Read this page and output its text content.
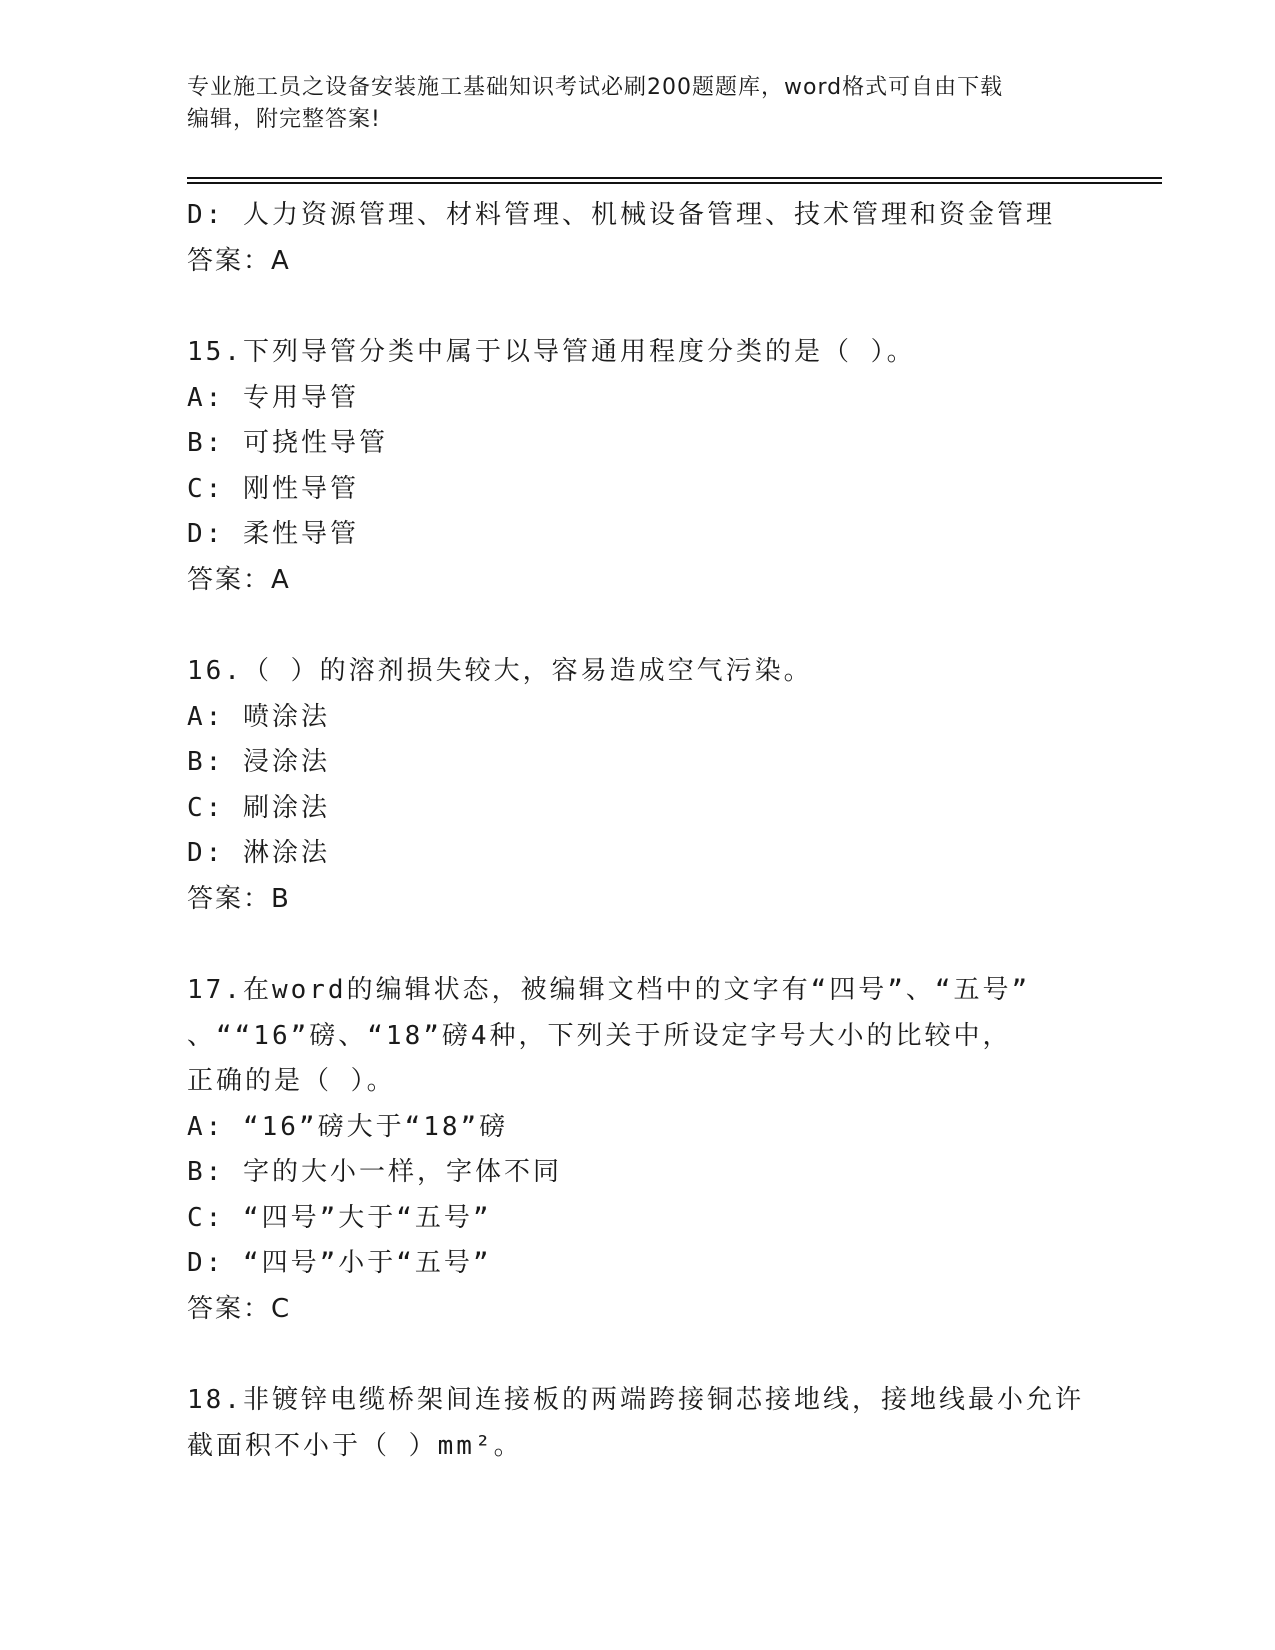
专业施工员之设备安装施工基础知识考试必刷200题题库，word格式可自由下载
编辑，附完整答案!
D: 人力资源管理、材料管理、机械设备管理、技术管理和资金管理
答案：A
15.下列导管分类中属于以导管通用程度分类的是（ ）。
A: 专用导管
B: 可挠性导管
C: 刚性导管
D: 柔性导管
答案：A
16.（ ）的溶剂损失较大，容易造成空气污染。
A: 喷涂法
B: 浸涂法
C: 刷涂法
D: 淋涂法
答案：B
17.在word的编辑状态，被编辑文档中的文字有“四号”、“五号”
、““16”磅、“18”磅4种，下列关于所设定字号大小的比较中，
正确的是（ ）。
A: “16”磅大于“18”磅
B: 字的大小一样，字体不同
C: “四号”大于“五号”
D: “四号”小于“五号”
答案：C
18.非镀锌电缆桥架间连接板的两端跨接铜芯接地线，接地线最小允许
截面积不小于（ ）mm²。
